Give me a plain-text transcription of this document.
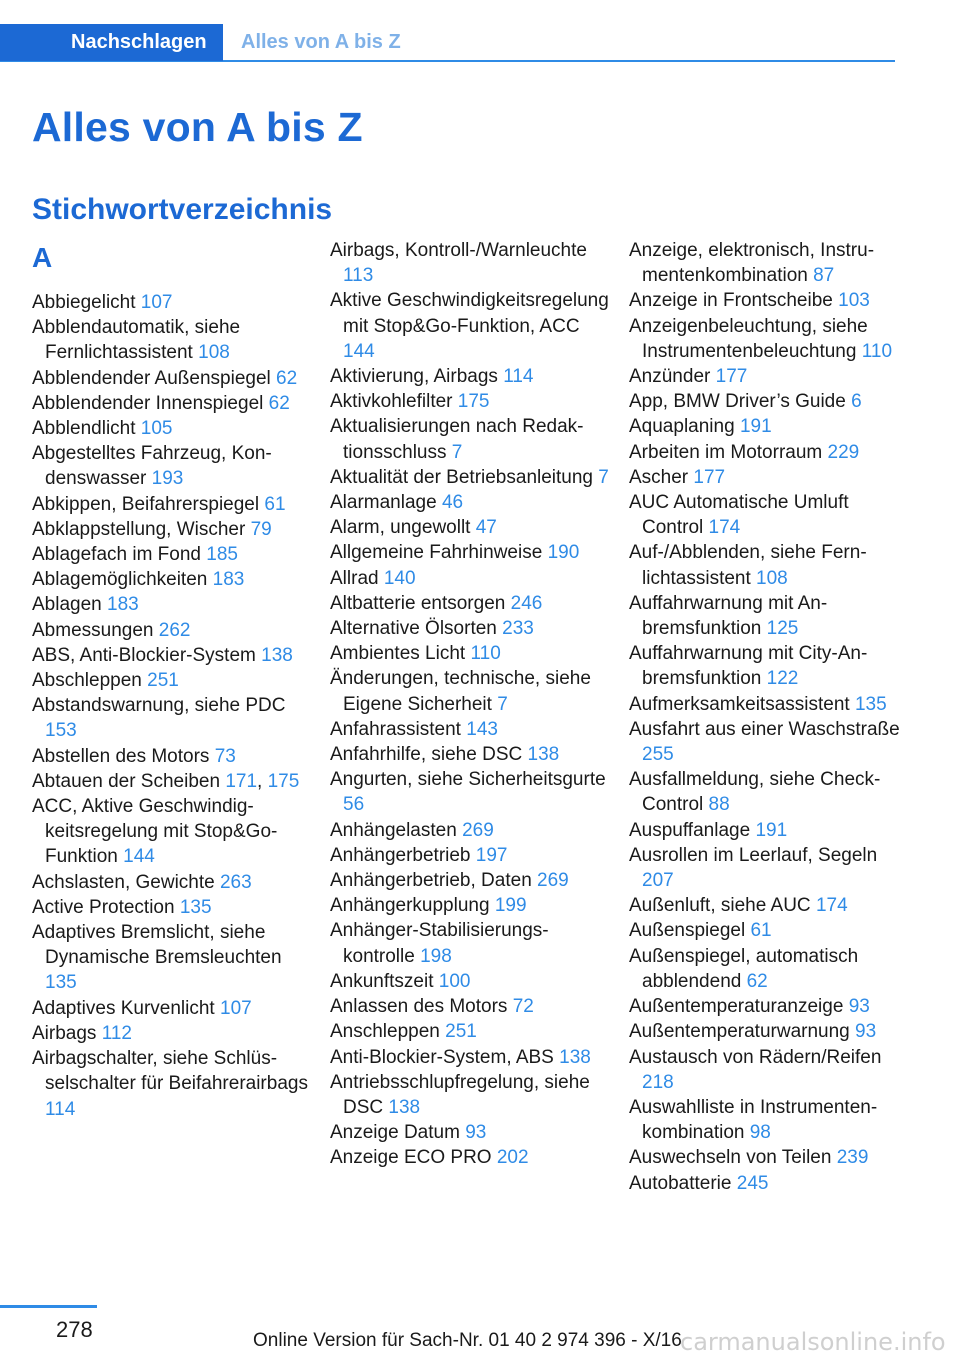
Nachschlagen	Alles von A bis Z
Alles von A bis Z
Stichwortverzeichnis
A
Abbiegelicht 107
Abblendautomatik, siehe Fernlichtassistent 108
Abblendender Außenspiegel 62
Abblendender Innenspiegel 62
Abblendlicht 105
Abgestelltes Fahrzeug, Kondenswasser 193
Abkippen, Beifahrerspiegel 61
Abklappstellung, Wischer 79
Ablagefach im Fond 185
Ablagemöglichkeiten 183
Ablagen 183
Abmessungen 262
ABS, Anti-Blockier-System 138
Abschleppen 251
Abstandswarnung, siehe PDC 153
Abstellen des Motors 73
Abtauen der Scheiben 171, 175
ACC, Aktive Geschwindigkeitsregelung mit Stop&Go-Funktion 144
Achslasten, Gewichte 263
Active Protection 135
Adaptives Bremslicht, siehe Dynamische Bremsleuchten 135
Adaptives Kurvenlicht 107
Airbags 112
Airbagschalter, siehe Schlüsselschalter für Beifahrerairbags 114
Airbags, Kontroll-/Warnleuchte 113
Aktive Geschwindigkeitsregelung mit Stop&Go-Funktion, ACC 144
Aktivierung, Airbags 114
Aktivkohlefilter 175
Aktualisierungen nach Redaktionsschluss 7
Aktualität der Betriebsanleitung 7
Alarmanlage 46
Alarm, ungewollt 47
Allgemeine Fahrhinweise 190
Allrad 140
Altbatterie entsorgen 246
Alternative Ölsorten 233
Ambientes Licht 110
Änderungen, technische, siehe Eigene Sicherheit 7
Anfahrassistent 143
Anfahrhilfe, siehe DSC 138
Angurten, siehe Sicherheitsgurte 56
Anhängelasten 269
Anhängerbetrieb 197
Anhängerbetrieb, Daten 269
Anhängerkupplung 199
Anhänger-Stabilisierungskontrolle 198
Ankunftszeit 100
Anlassen des Motors 72
Anschleppen 251
Anti-Blockier-System, ABS 138
Antriebsschlupfregelung, siehe DSC 138
Anzeige Datum 93
Anzeige ECO PRO 202
Anzeige, elektronisch, Instrumentenkombination 87
Anzeige in Frontscheibe 103
Anzeigenbeleuchtung, siehe Instrumentenbeleuchtung 110
Anzünder 177
App, BMW Driver’s Guide 6
Aquaplaning 191
Arbeiten im Motorraum 229
Ascher 177
AUC Automatische Umluft Control 174
Auf-/Abblenden, siehe Fernlichtassistent 108
Auffahrwarnung mit Anbremsfunktion 125
Auffahrwarnung mit City-Anbremsfunktion 122
Aufmerksamkeitsassistent 135
Ausfahrt aus einer Waschstraße 255
Ausfallmeldung, siehe Check-Control 88
Auspuffanlage 191
Ausrollen im Leerlauf, Segeln 207
Außenluft, siehe AUC 174
Außenspiegel 61
Außenspiegel, automatisch abblendend 62
Außentemperaturanzeige 93
Außentemperaturwarnung 93
Austausch von Rädern/Reifen 218
Auswahlliste in Instrumentenkombination 98
Auswechseln von Teilen 239
Autobatterie 245
278	Online Version für Sach-Nr. 01 40 2 974 396 - X/16
carmanualsonline.info
